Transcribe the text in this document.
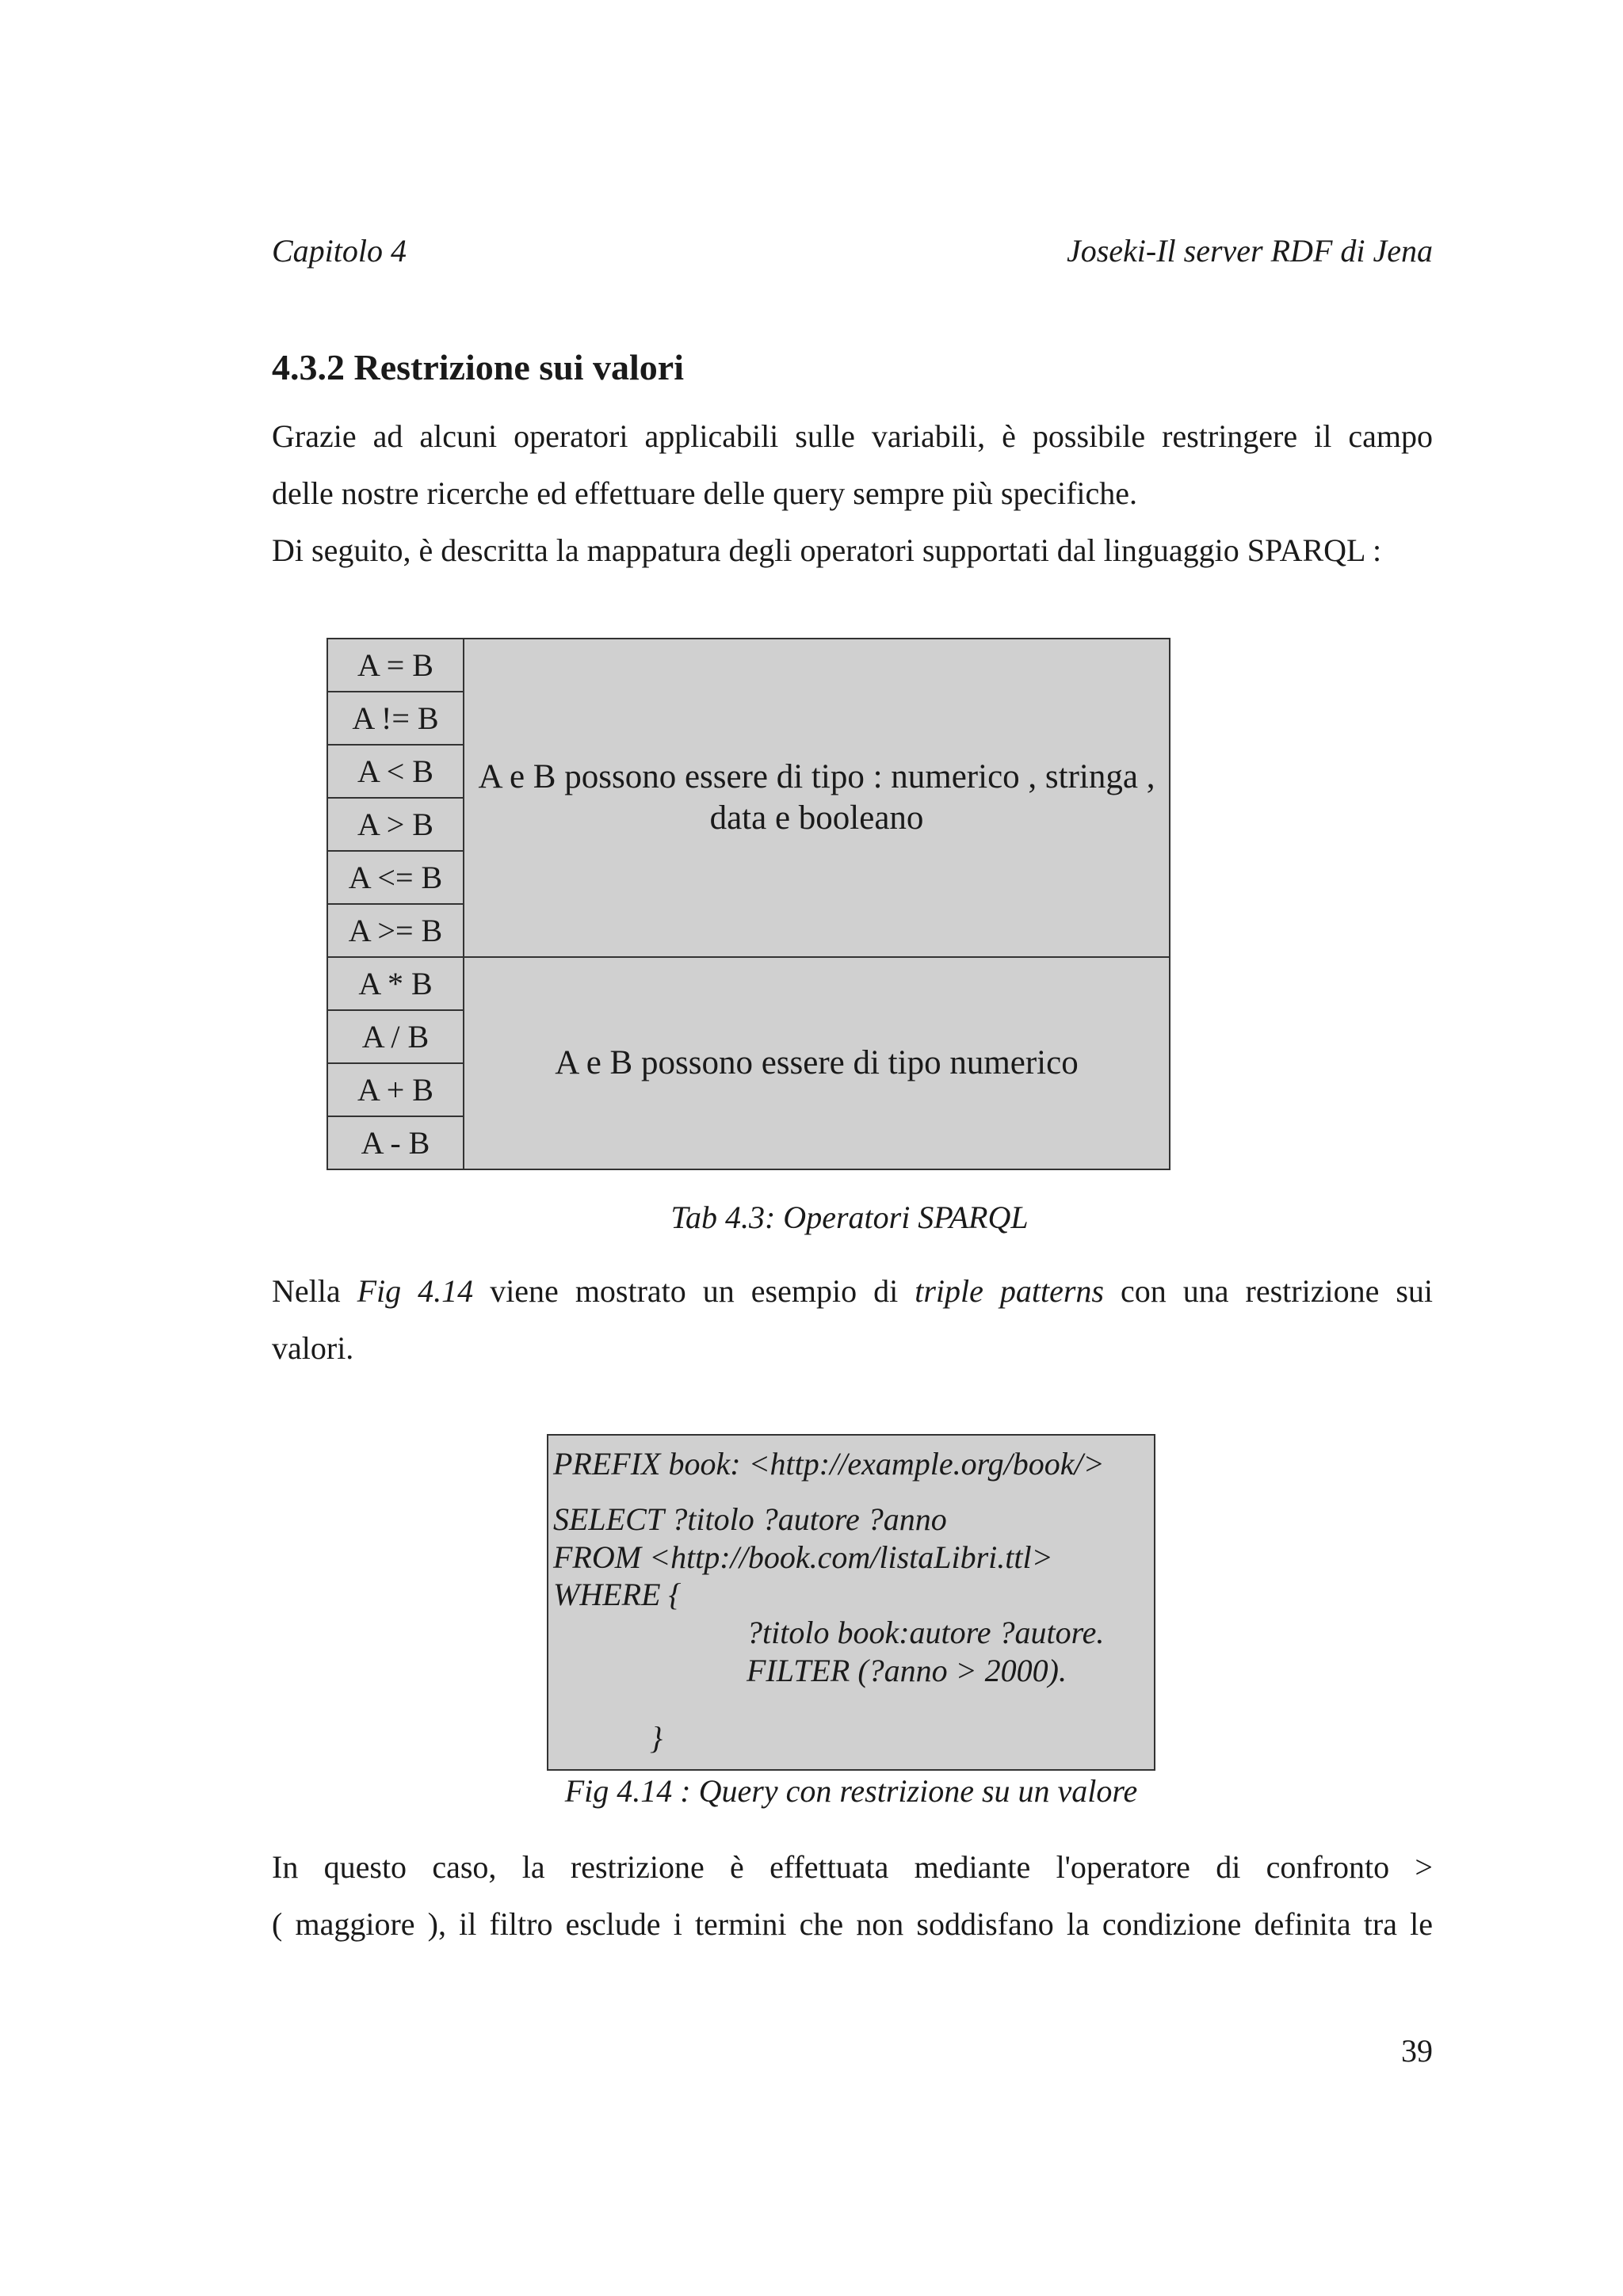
Capitolo 4	Joseki-Il server RDF di Jena
4.3.2 Restrizione sui valori
Grazie ad alcuni operatori applicabili sulle variabili, è possibile restringere il campo
delle nostre ricerche ed effettuare delle query sempre più specifiche.
Di seguito, è descritta la mappatura degli operatori supportati dal linguaggio SPARQL :
A = B	A e B possono essere di tipo : numerico , stringa , data e booleano
A != B	
A < B	
A > B	
A <= B	
A >= B	
A * B	A e B possono essere di tipo numerico
A / B	
A + B	
A - B	
Tab 4.3: Operatori SPARQL
Nella Fig 4.14 viene mostrato un esempio di triple patterns con una restrizione sui
valori.
PREFIX book: <http://example.org/book/>
SELECT ?titolo ?autore ?anno
FROM <http://book.com/listaLibri.ttl>
WHERE {
?titolo book:autore ?autore.
FILTER (?anno > 2000).
}
Fig 4.14 : Query con restrizione su un valore
In questo caso, la restrizione è effettuata mediante l'operatore di confronto >
( maggiore ), il filtro esclude i termini che non soddisfano la condizione definita tra le
39
